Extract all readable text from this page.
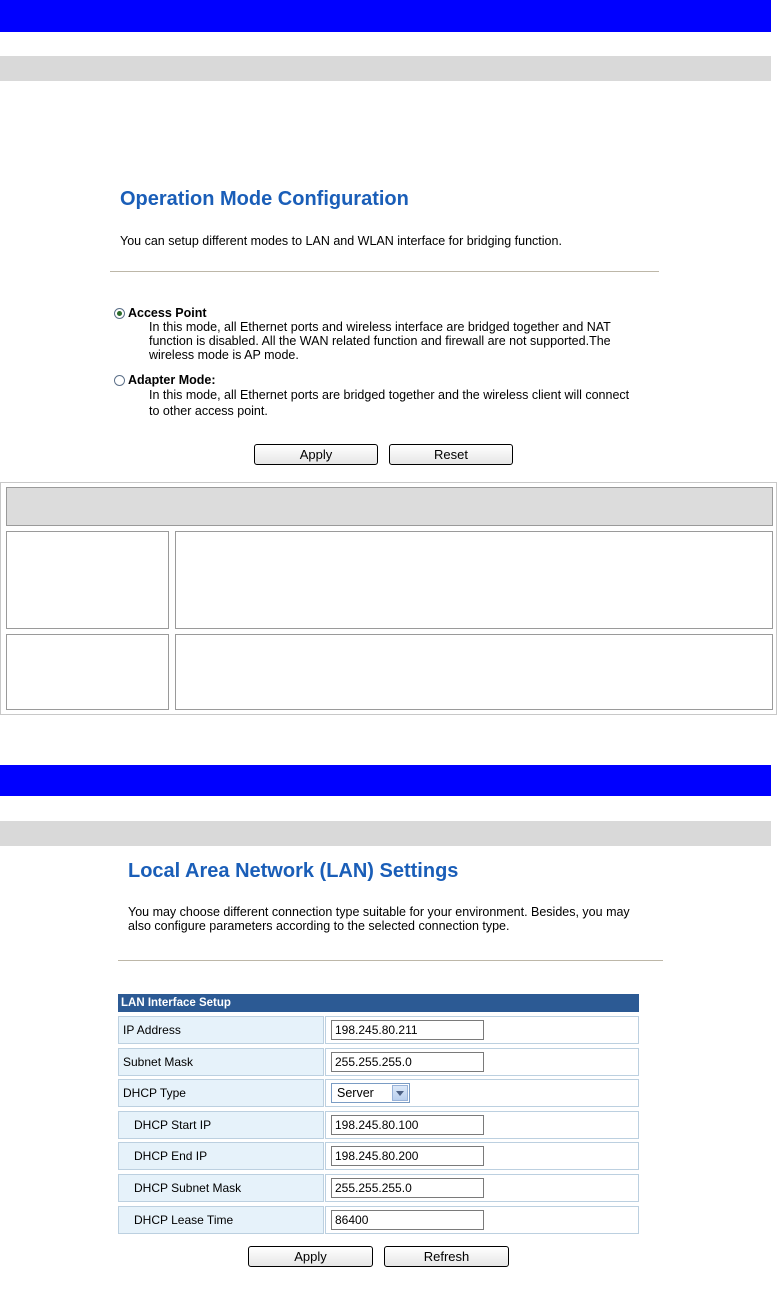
Operation Mode Configuration
You can setup different modes to LAN and WLAN interface for bridging function.
Access Point
In this mode, all Ethernet ports and wireless interface are bridged together and NAT
function is disabled. All the WAN related function and firewall are not supported.The
wireless mode is AP mode.
Adapter Mode:
In this mode, all Ethernet ports are bridged together and the wireless client will connect
to other access point.
Apply	Reset
Local Area Network (LAN) Settings
You may choose different connection type suitable for your environment. Besides, you may
also configure parameters according to the selected connection type.
LAN Interface Setup
IP Address	198.245.80.211
Subnet Mask	255.255.255.0
DHCP Type	Server
DHCP Start IP	198.245.80.100
DHCP End IP	198.245.80.200
DHCP Subnet Mask	255.255.255.0
DHCP Lease Time	86400
Apply	Refresh
